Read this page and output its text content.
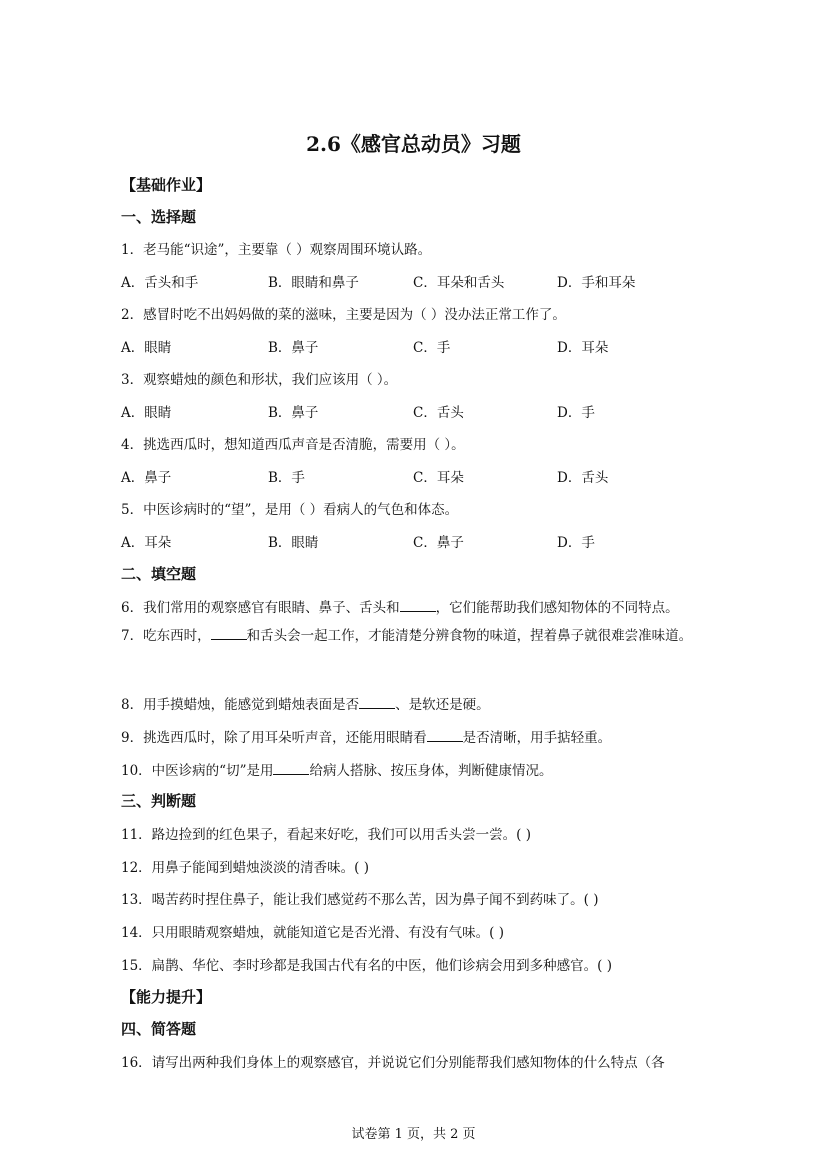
2.6《感官总动员》习题
【基础作业】
一、选择题
1．老马能“识途”，主要靠（ ）观察周围环境认路。
A．舌头和手	B．眼睛和鼻子	C．耳朵和舌头	D．手和耳朵
2．感冒时吃不出妈妈做的菜的滋味，主要是因为（ ）没办法正常工作了。
A．眼睛	B．鼻子	C．手	D．耳朵
3．观察蜡烛的颜色和形状，我们应该用（ ）。
A．眼睛	B．鼻子	C．舌头	D．手
4．挑选西瓜时，想知道西瓜声音是否清脆，需要用（ ）。
A．鼻子	B．手	C．耳朵	D．舌头
5．中医诊病时的“望”，是用（ ）看病人的气色和体态。
A．耳朵	B．眼睛	C．鼻子	D．手
二、填空题
6．我们常用的观察感官有眼睛、鼻子、舌头和	，它们能帮助我们感知物体的不同特点。
7．吃东西时，	和舌头会一起工作，才能清楚分辨食物的味道，捏着鼻子就很难尝准味道。
8．用手摸蜡烛，能感觉到蜡烛表面是否	、是软还是硬。
9．挑选西瓜时，除了用耳朵听声音，还能用眼睛看	是否清晰，用手掂轻重。
10．中医诊病的“切”是用	给病人搭脉、按压身体，判断健康情况。
三、判断题
11．路边捡到的红色果子，看起来好吃，我们可以用舌头尝一尝。( )
12．用鼻子能闻到蜡烛淡淡的清香味。( )
13．喝苦药时捏住鼻子，能让我们感觉药不那么苦，因为鼻子闻不到药味了。( )
14．只用眼睛观察蜡烛，就能知道它是否光滑、有没有气味。( )
15．扁鹊、华佗、李时珍都是我国古代有名的中医，他们诊病会用到多种感官。( )
【能力提升】
四、简答题
16．请写出两种我们身体上的观察感官，并说说它们分别能帮我们感知物体的什么特点（各
试卷第 1 页，共 2 页
